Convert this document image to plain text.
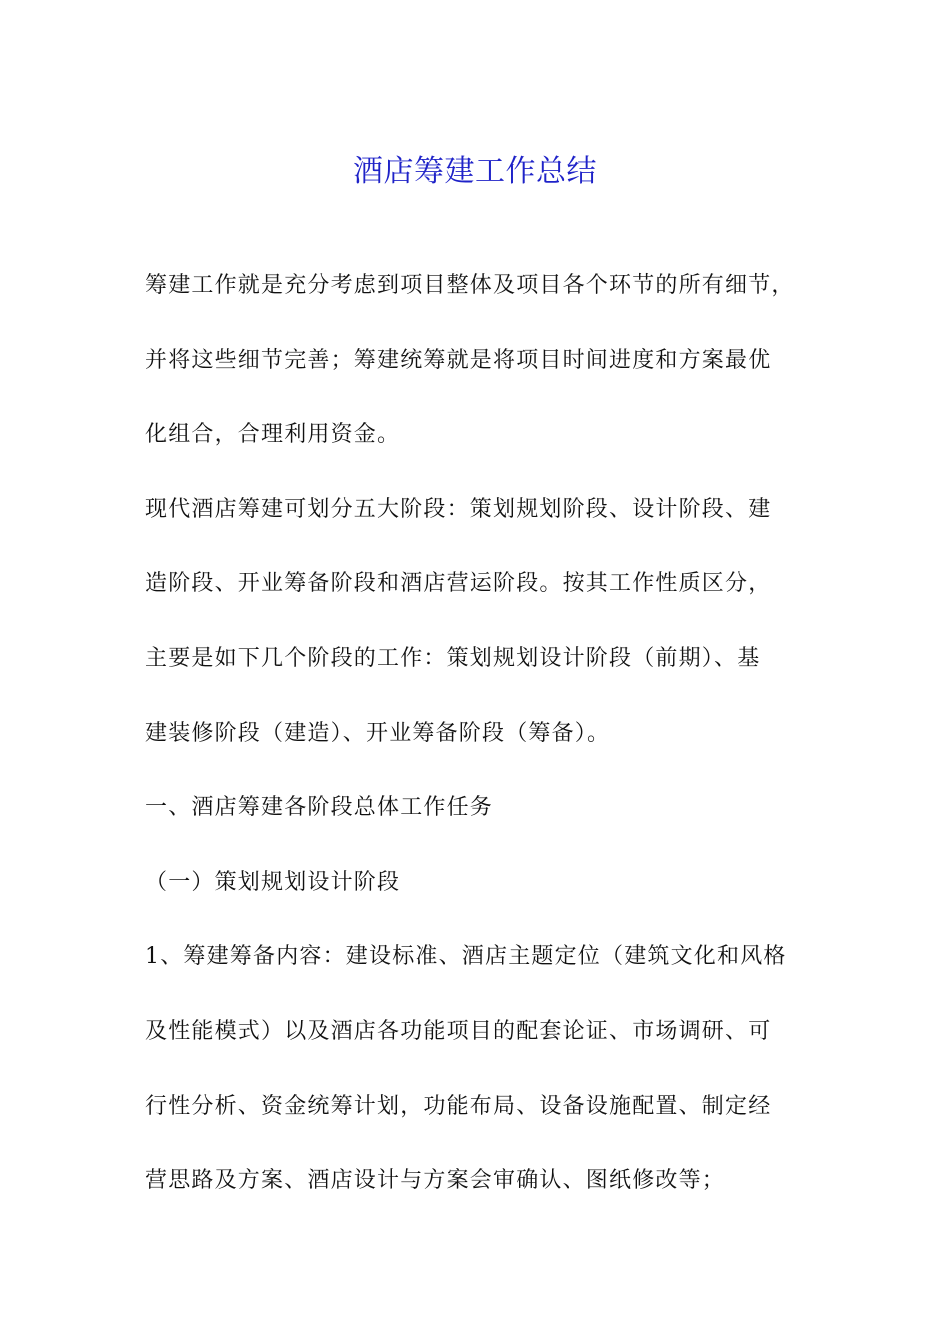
酒店筹建工作总结
筹建工作就是充分考虑到项目整体及项目各个环节的所有细节，
并将这些细节完善；筹建统筹就是将项目时间进度和方案最优
化组合，合理利用资金。
现代酒店筹建可划分五大阶段：策划规划阶段、设计阶段、建
造阶段、开业筹备阶段和酒店营运阶段。按其工作性质区分，
主要是如下几个阶段的工作：策划规划设计阶段（前期）、基
建装修阶段（建造）、开业筹备阶段（筹备）。
一、酒店筹建各阶段总体工作任务
（一）策划规划设计阶段
1、筹建筹备内容：建设标准、酒店主题定位（建筑文化和风格
及性能模式）以及酒店各功能项目的配套论证、市场调研、可
行性分析、资金统筹计划，功能布局、设备设施配置、制定经
营思路及方案、酒店设计与方案会审确认、图纸修改等；
